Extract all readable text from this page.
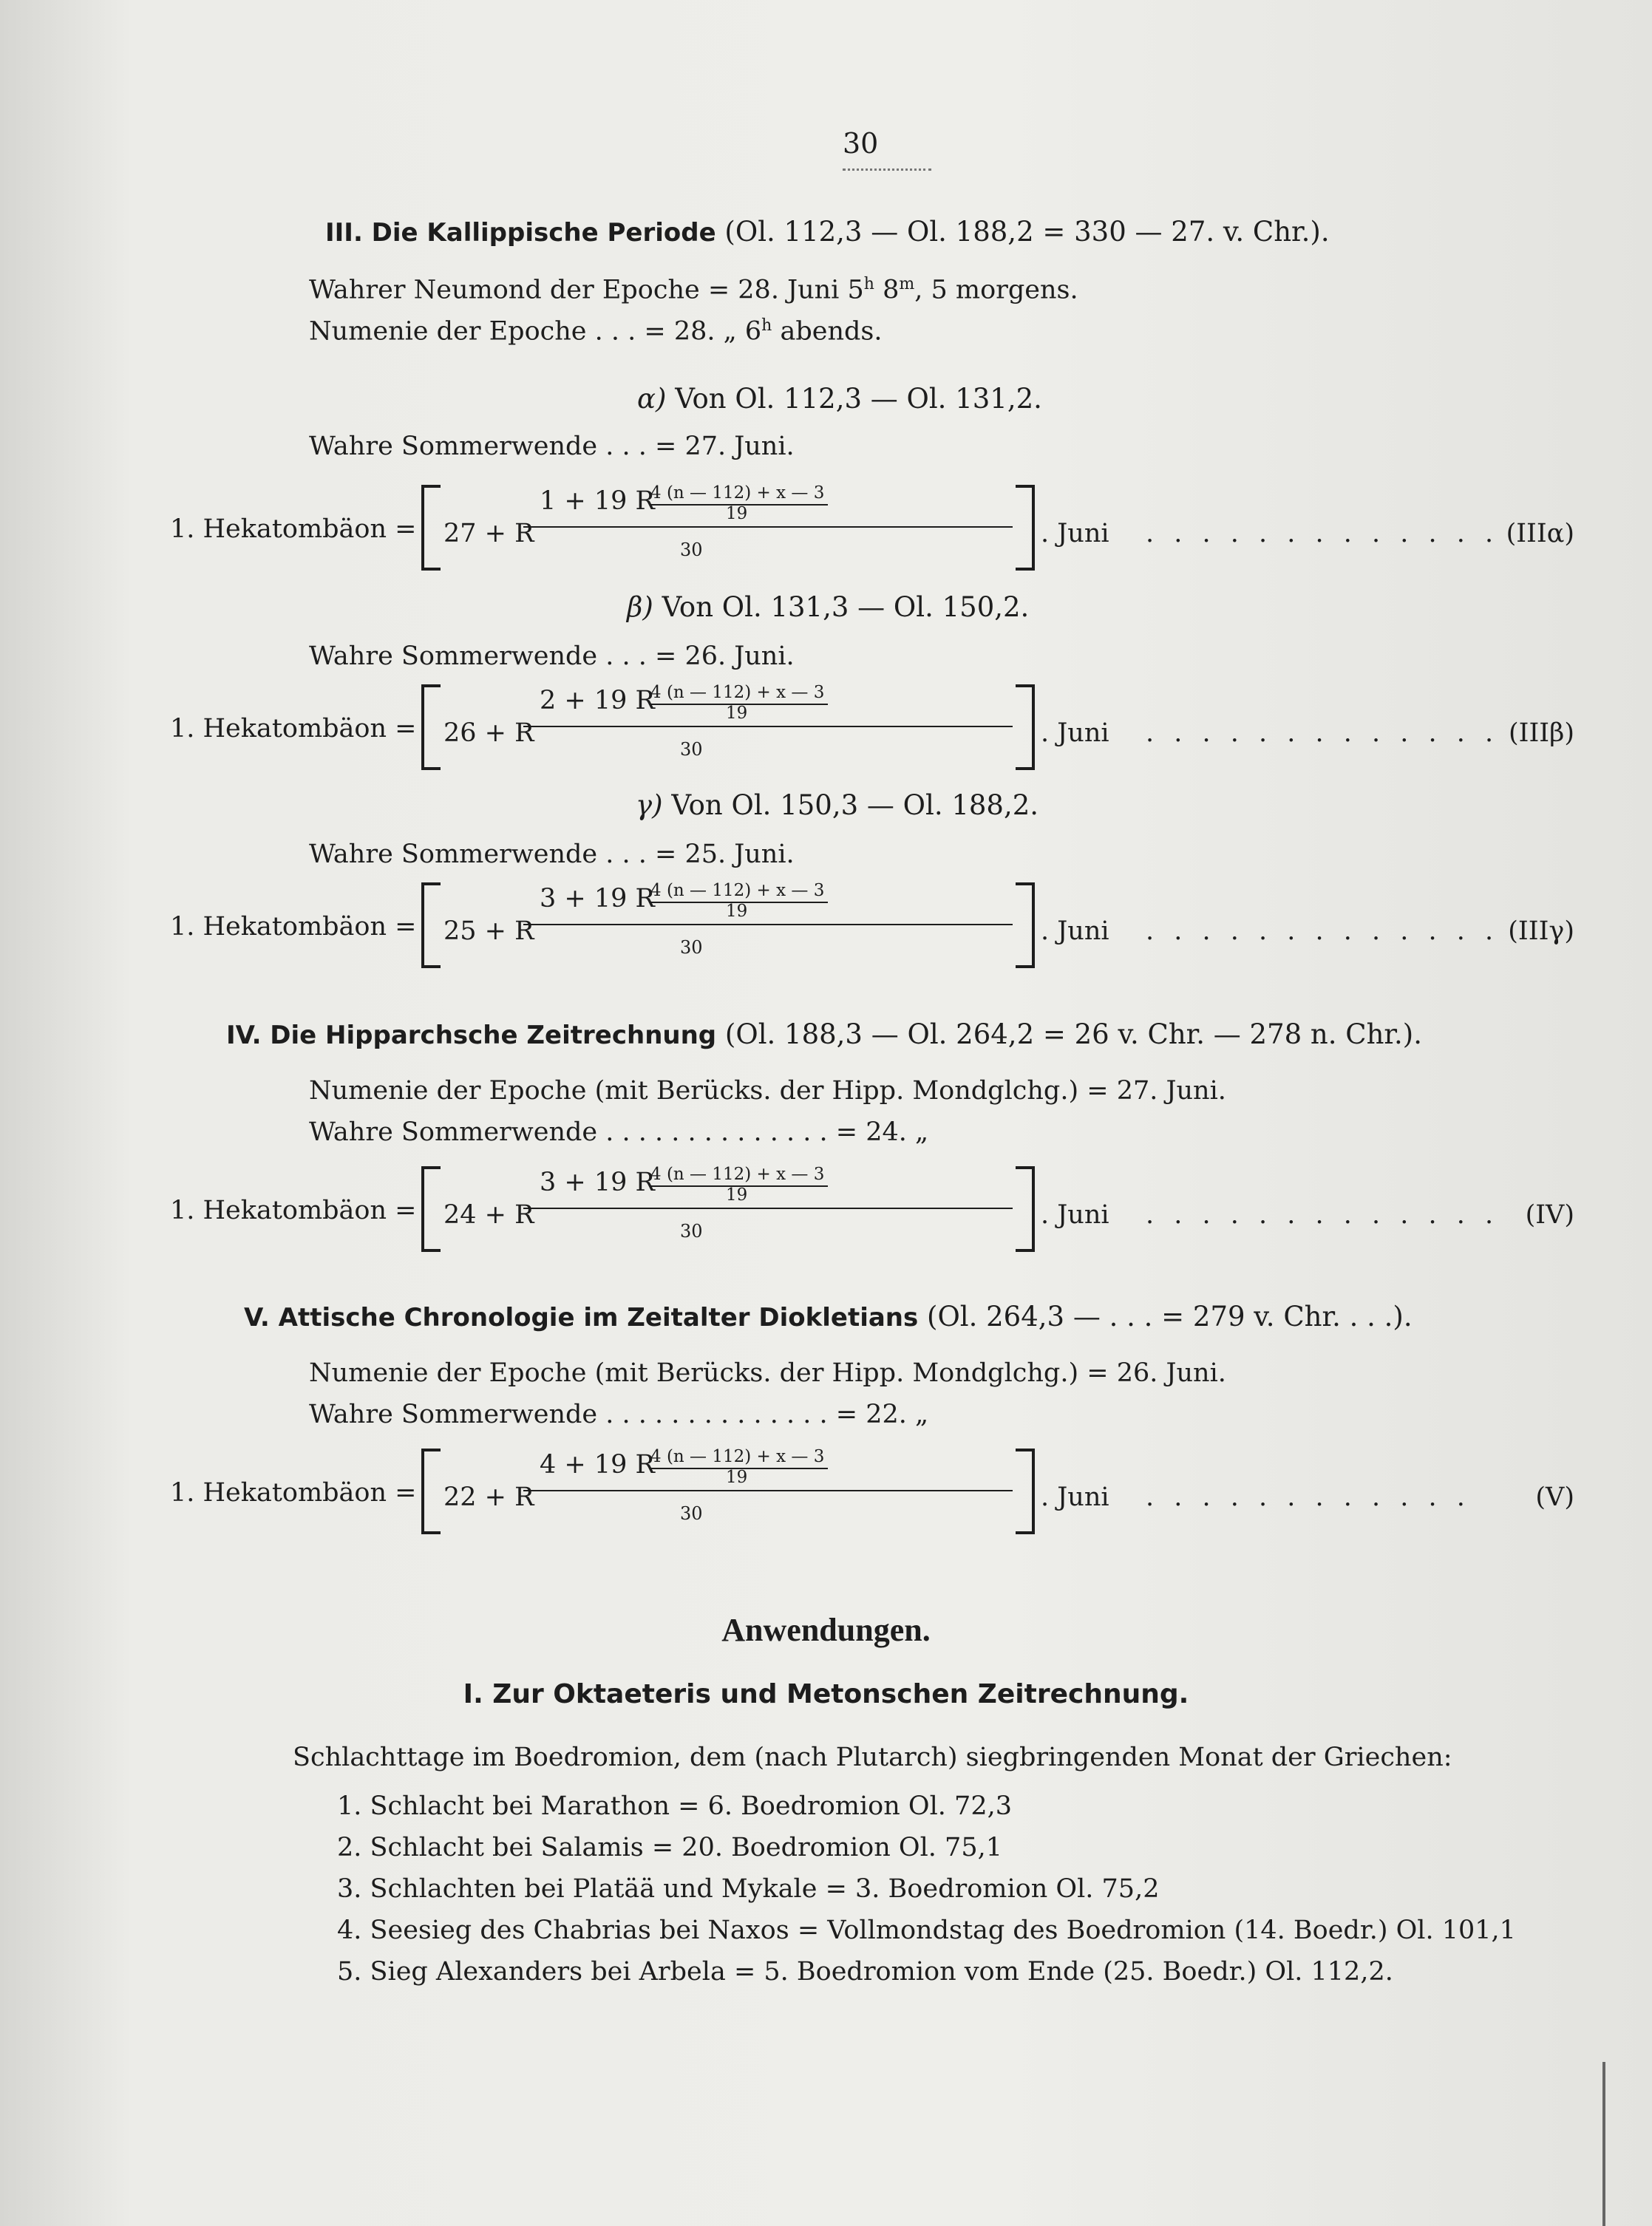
30
III. Die Kallippische Periode (Ol. 112,3 — Ol. 188,2 = 330 — 27. v. Chr.).
Wahrer Neumond der Epoche = 28. Juni 5$^h$ 8$^m$, 5 morgens.
Numenie der Epoche . . . = 28. „ 6$^h$ abends.
α) Von Ol. 112,3 — Ol. 131,2.
Wahre Sommerwende . . . = 27. Juni.
1. Hekatombäon = 27 + R
1 + 19 R
4 (n — 112) + x — 3
19
30
. Juni . . . . . . . . . . . . . (IIIα)
β) Von Ol. 131,3 — Ol. 150,2.
Wahre Sommerwende . . . = 26. Juni.
1. Hekatombäon = 26 + R
2 + 19 R
4 (n — 112) + x — 3
19
30
. Juni . . . . . . . . . . . . . (IIIβ)
γ) Von Ol. 150,3 — Ol. 188,2.
Wahre Sommerwende . . . = 25. Juni.
1. Hekatombäon = 25 + R
3 + 19 R
4 (n — 112) + x — 3
19
30
. Juni . . . . . . . . . . . . . (IIIγ)
IV. Die Hipparchsche Zeitrechnung (Ol. 188,3 — Ol. 264,2 = 26 v. Chr. — 278 n. Chr.).
Numenie der Epoche (mit Berücks. der Hipp. Mondglchg.) = 27. Juni.
Wahre Sommerwende . . . . . . . . . . . . . . = 24. „
1. Hekatombäon = 24 + R
3 + 19 R
4 (n — 112) + x — 3
19
30
. Juni . . . . . . . . . . . . . (IV)
V. Attische Chronologie im Zeitalter Diokletians (Ol. 264,3 — . . . = 279 v. Chr. . . .).
Numenie der Epoche (mit Berücks. der Hipp. Mondglchg.) = 26. Juni.
Wahre Sommerwende . . . . . . . . . . . . . . = 22. „
1. Hekatombäon = 22 + R
4 + 19 R
4 (n — 112) + x — 3
19
30
. Juni . . . . . . . . . . . .	(V)
Anwendungen.
I. Zur Oktaeteris und Metonschen Zeitrechnung.
Schlachttage im Boedromion, dem (nach Plutarch) siegbringenden Monat der Griechen:
1. Schlacht bei Marathon = 6. Boedromion Ol. 72,3
2. Schlacht bei Salamis = 20. Boedromion Ol. 75,1
3. Schlachten bei Platää und Mykale = 3. Boedromion Ol. 75,2
4. Seesieg des Chabrias bei Naxos = Vollmondstag des Boedromion (14. Boedr.) Ol. 101,1
5. Sieg Alexanders bei Arbela = 5. Boedromion vom Ende (25. Boedr.) Ol. 112,2.
